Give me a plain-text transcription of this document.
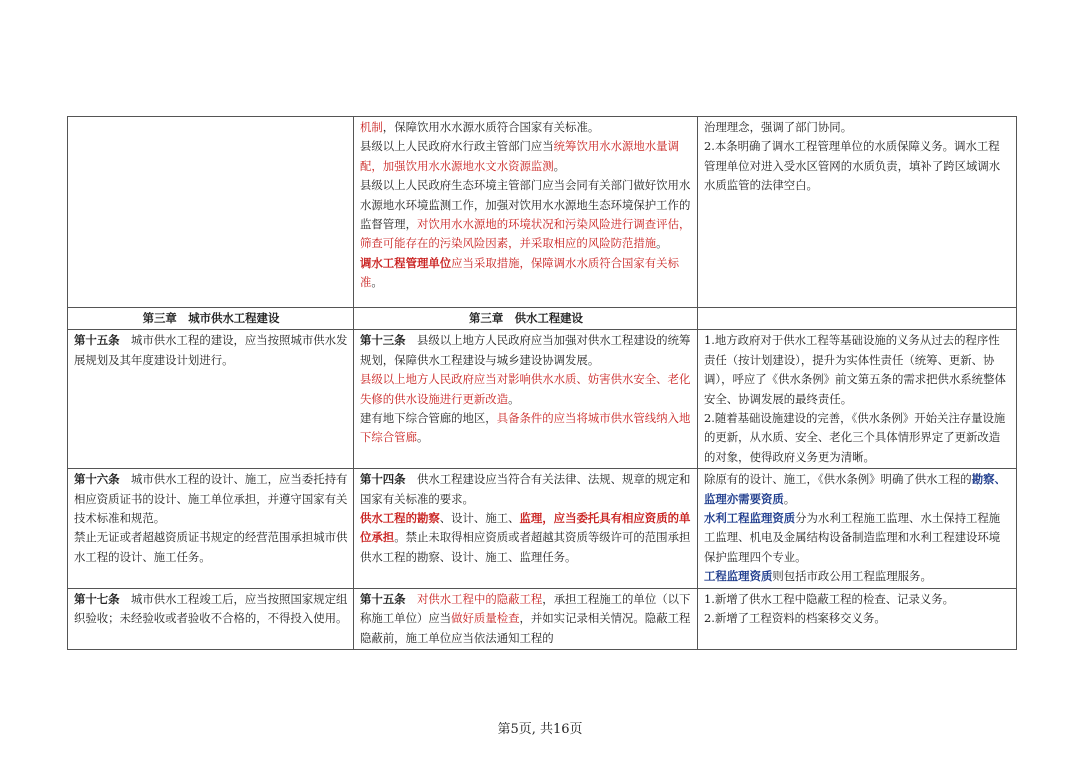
	机制，保障饮用水水源水质符合国家有关标准。
县级以上人民政府水行政主管部门应当统筹饮用水水源地水量调配，加强饮用水水源地水文水资源监测。
县级以上人民政府生态环境主管部门应当会同有关部门做好饮用水水源地水环境监测工作，加强对饮用水水源地生态环境保护工作的监督管理，对饮用水水源地的环境状况和污染风险进行调查评估，筛查可能存在的污染风险因素，并采取相应的风险防范措施。
调水工程管理单位应当采取措施，保障调水水质符合国家有关标准。	治理理念，强调了部门协同。
2.本条明确了调水工程管理单位的水质保障义务。调水工程管理单位对进入受水区管网的水质负责，填补了跨区域调水水质监管的法律空白。

第三章　城市供水工程建设	第三章　供水工程建设	

第十五条　城市供水工程的建设，应当按照城市供水发展规划及其年度建设计划进行。	第十三条　县级以上地方人民政府应当加强对供水工程建设的统筹规划，保障供水工程建设与城乡建设协调发展。
县级以上地方人民政府应当对影响供水水质、妨害供水安全、老化失修的供水设施进行更新改造。
建有地下综合管廊的地区，具备条件的应当将城市供水管线纳入地下综合管廊。	1.地方政府对于供水工程等基础设施的义务从过去的程序性责任（按计划建设），提升为实体性责任（统筹、更新、协调），呼应了《供水条例》前文第五条的需求把供水系统整体安全、协调发展的最终责任。
2.随着基础设施建设的完善，《供水条例》开始关注存量设施的更新，从水质、安全、老化三个具体情形界定了更新改造的对象，使得政府义务更为清晰。

第十六条　城市供水工程的设计、施工，应当委托持有相应资质证书的设计、施工单位承担，并遵守国家有关技术标准和规范。
禁止无证或者超越资质证书规定的经营范围承担城市供水工程的设计、施工任务。	第十四条　供水工程建设应当符合有关法律、法规、规章的规定和国家有关标准的要求。
供水工程的勘察、设计、施工、监理，应当委托具有相应资质的单位承担。禁止未取得相应资质或者超越其资质等级许可的范围承担供水工程的勘察、设计、施工、监理任务。	除原有的设计、施工，《供水条例》明确了供水工程的勘察、监理亦需要资质。
水利工程监理资质分为水利工程施工监理、水土保持工程施工监理、机电及金属结构设备制造监理和水利工程建设环境保护监理四个专业。
工程监理资质则包括市政公用工程监理服务。

第十七条　城市供水工程竣工后，应当按照国家规定组织验收；未经验收或者验收不合格的，不得投入使用。	第十五条　 对供水工程中的隐蔽工程，承担工程施工的单位（以下称施工单位）应当做好质量检查，并如实记录相关情况。隐蔽工程隐蔽前，施工单位应当依法通知工程的	1.新增了供水工程中隐蔽工程的检查、记录义务。
2.新增了工程资料的档案移交义务。
第5页, 共16页
